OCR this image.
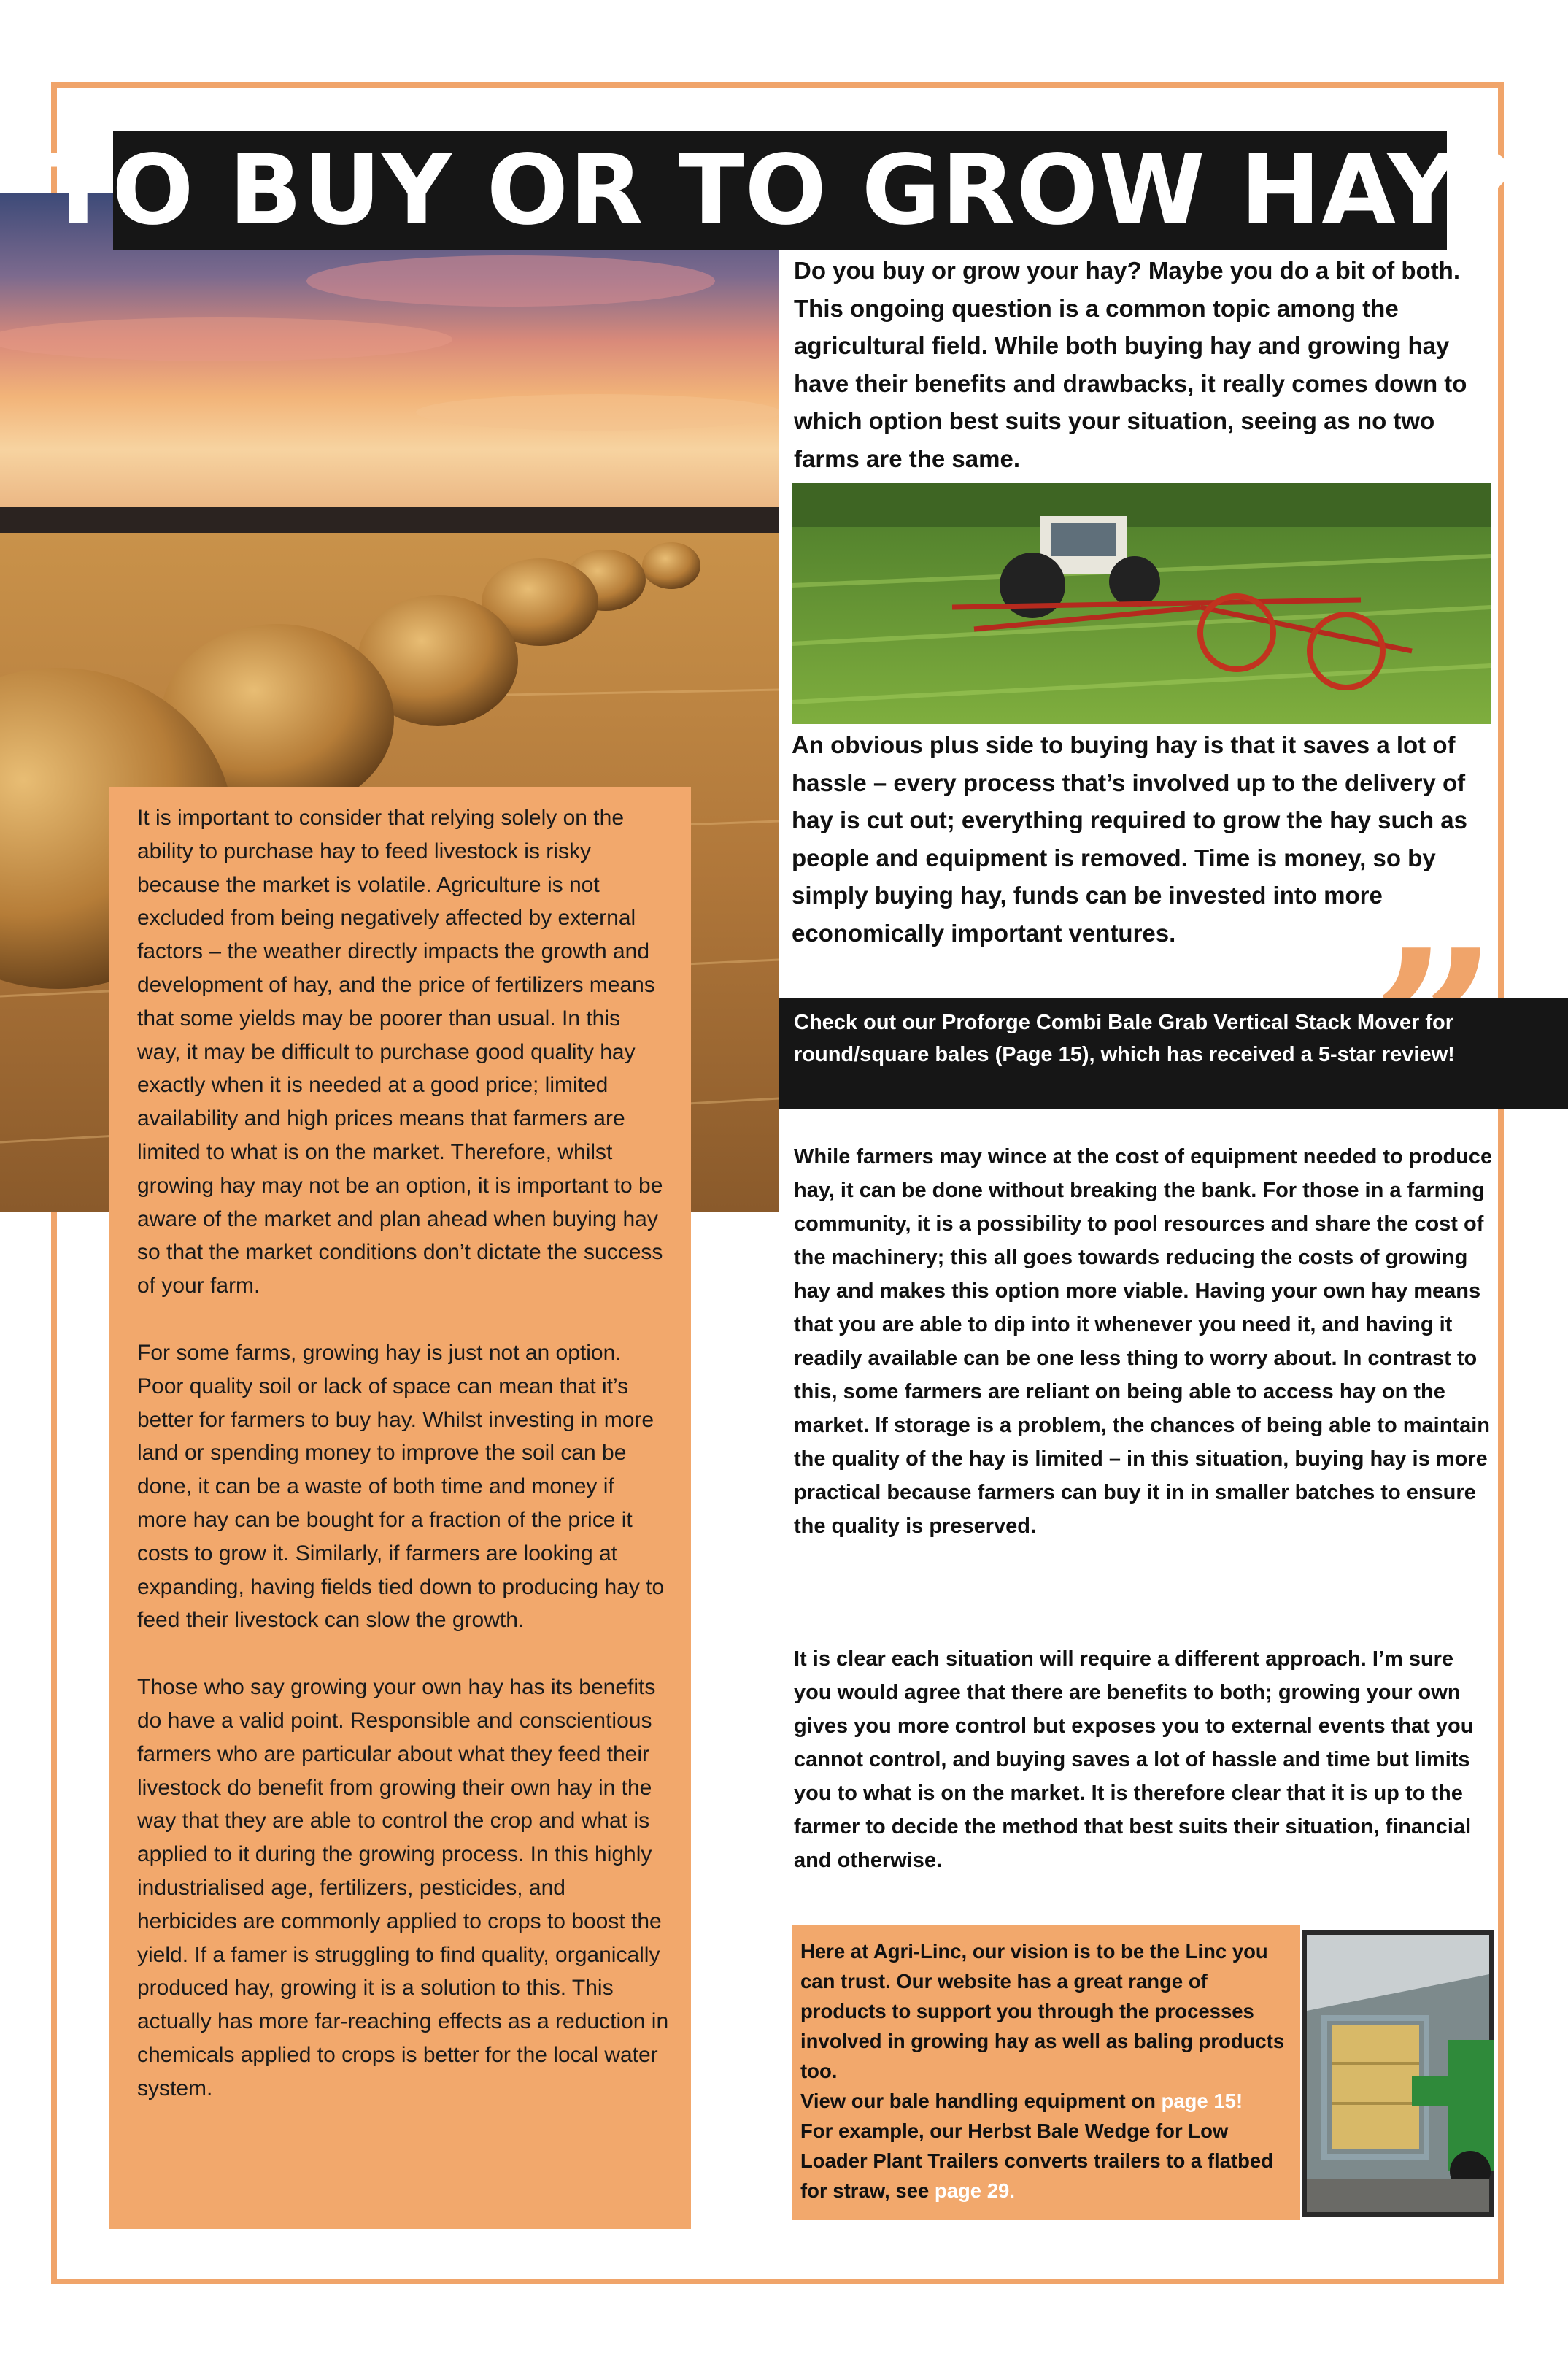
TO BUY OR TO GROW HAY?

Do you buy or grow your hay? Maybe you do a bit of both. This ongoing question is a common topic among the agricultural field. While both buying hay and growing hay have their benefits and drawbacks, it really comes down to which option best suits your situation, seeing as no two farms are the same.

An obvious plus side to buying hay is that it saves a lot of hassle – every process that’s involved up to the delivery of hay is cut out; everything required to grow the hay such as people and equipment is removed. Time is money, so by simply buying hay, funds can be invested into more economically important ventures.

Check out our Proforge Combi Bale Grab Vertical Stack Mover for round/square bales (Page 15), which has received a 5-star review!

While farmers may wince at the cost of equipment needed to produce hay, it can be done without breaking the bank. For those in a farming community, it is a possibility to pool resources and share the cost of the machinery; this all goes towards reducing the costs of growing hay and makes this option more viable. Having your own hay means that you are able to dip into it whenever you need it, and having it readily available can be one less thing to worry about. In contrast to this, some farmers are reliant on being able to access hay on the market. If storage is a problem, the chances of being able to maintain the quality of the hay is limited – in this situation, buying hay is more practical because farmers can buy it in in smaller batches to ensure the quality is preserved.

It is clear each situation will require a different approach. I’m sure you would agree that there are benefits to both; growing your own gives you more control but exposes you to external events that you cannot control, and buying saves a lot of hassle and time but limits you to what is on the market. It is therefore clear that it is up to the farmer to decide the method that best suits their situation, financial and otherwise.

It is important to consider that relying solely on the ability to purchase hay to feed livestock is risky because the market is volatile. Agriculture is not excluded from being negatively affected by external factors – the weather directly impacts the growth and development of hay, and the price of fertilizers means that some yields may be poorer than usual. In this way, it may be difficult to purchase good quality hay exactly when it is needed at a good price; limited availability and high prices means that farmers are limited to what is on the market. Therefore, whilst growing hay may not be an option, it is important to be aware of the market and plan ahead when buying hay so that the market conditions don’t dictate the success of your farm.

For some farms, growing hay is just not an option. Poor quality soil or lack of space can mean that it’s better for farmers to buy hay. Whilst investing in more land or spending money to improve the soil can be done, it can be a waste of both time and money if more hay can be bought for a fraction of the price it costs to grow it. Similarly, if farmers are looking at expanding, having fields tied down to producing hay to feed their livestock can slow the growth.

Those who say growing your own hay has its benefits do have a valid point. Responsible and conscientious farmers who are particular about what they feed their livestock do benefit from growing their own hay in the way that they are able to control the crop and what is applied to it during the growing process. In this highly industrialised age, fertilizers, pesticides, and herbicides are commonly applied to crops to boost the yield. If a famer is struggling to find quality, organically produced hay, growing it is a solution to this. This actually has more far-reaching effects as a reduction in chemicals applied to crops is better for the local water system.

Here at Agri-Linc, our vision is to be the Linc you can trust. Our website has a great range of products to support you through the processes involved in growing hay as well as baling products too.

View our bale handling equipment on page 15!

For example, our Herbst Bale Wedge for Low Loader Plant Trailers converts trailers to a flatbed for straw, see page 29.
